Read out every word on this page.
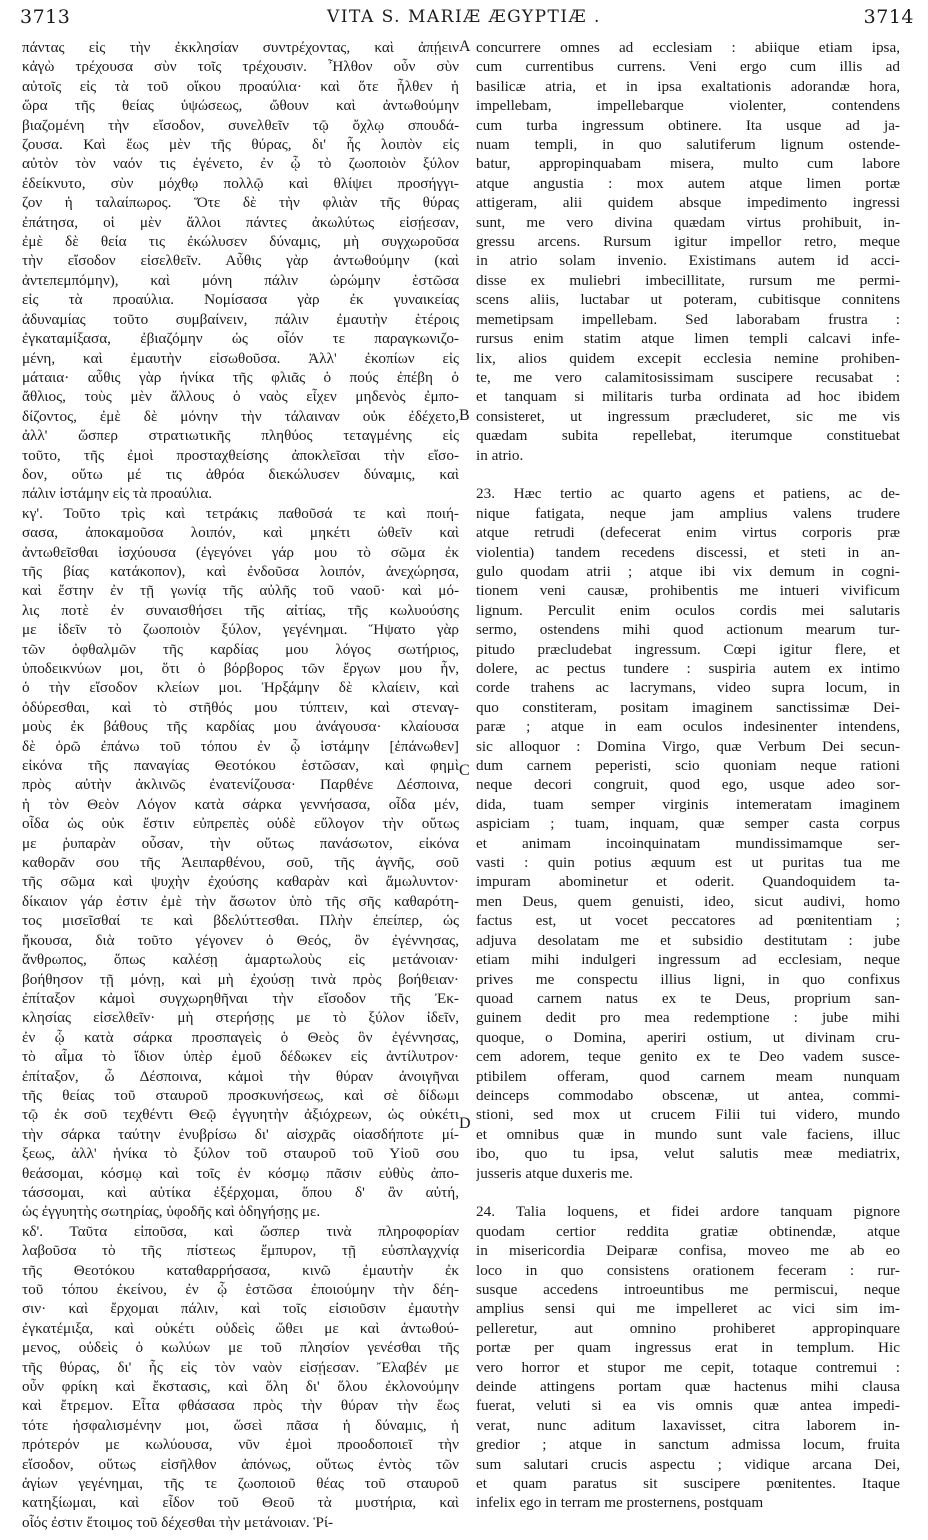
3713	VITA S. MARIÆ ÆGYPTIÆ .	3714
πάντας εἰς τὴν ἐκκλησίαν συντρέχοντας, καὶ ἀπῄειν
κἀγὼ τρέχουσα σὺν τοῖς τρέχουσιν. Ἦλθον οὖν σὺν
αὐτοῖς εἰς τὰ τοῦ οἴκου προαύλια· καὶ ὅτε ἦλθεν ἡ
ὥρα τῆς θείας ὑψώσεως, ὤθουν καὶ ἀντωθούμην
βιαζομένη τὴν εἴσοδον, συνελθεῖν τῷ ὄχλῳ σπουδά-
ζουσα. Καὶ ἕως μὲν τῆς θύρας, δι' ἧς λοιπὸν εἰς
αὐτὸν τὸν ναόν τις ἐγένετο, ἐν ᾧ τὸ ζωοποιὸν ξύλον
ἐδείκνυτο, σὺν μόχθῳ πολλῷ καὶ θλίψει προσήγγι-
ζον ἡ ταλαίπωρος. Ὅτε δὲ τὴν φλιὰν τῆς θύρας
ἐπάτησα, οἱ μὲν ἄλλοι πάντες ἀκωλύτως εἰσῄεσαν,
ἐμὲ δὲ θεία τις ἐκώλυσεν δύναμις, μὴ συγχωροῦσα
τὴν εἴσοδον εἰσελθεῖν. Αὖθις γὰρ ἀντωθούμην (καὶ
ἀντεπεμπόμην), καὶ μόνη πάλιν ὡρώμην ἑστῶσα
εἰς τὰ προαύλια. Νομίσασα γὰρ ἐκ γυναικείας
ἀδυναμίας τοῦτο συμβαίνειν, πάλιν ἐμαυτὴν ἑτέροις
ἐγκαταμίξασα, ἐβιαζόμην ὡς οἷόν τε παραγκωνιζο-
μένη, καὶ ἐμαυτὴν εἰσωθοῦσα. Ἀλλ' ἐκοπίων εἰς
μάταια· αὖθις γὰρ ἡνίκα τῆς φλιᾶς ὁ πούς ἐπέβη ὁ
ἄθλιος, τοὺς μὲν ἄλλους ὁ ναὸς εἶχεν μηδενὸς ἐμπο-
δίζοντος, ἐμὲ δὲ μόνην τὴν τάλαιναν οὐκ ἐδέχετο,
ἀλλ' ὥσπερ στρατιωτικῆς πληθύος τεταγμένης εἰς
τοῦτο, τῆς ἐμοὶ προσταχθείσης ἀποκλεῖσαι τὴν εἴσο-
δον, οὕτω μέ τις ἀθρόα διεκώλυσεν δύναμις, καὶ
πάλιν ἱστάμην εἰς τὰ προαύλια.
κγ'. Τοῦτο τρὶς καὶ τετράκις παθοῦσά τε καὶ ποιή-
σασα, ἀποκαμοῦσα λοιπόν, καὶ μηκέτι ὠθεῖν καὶ
ἀντωθεῖσθαι ἰσχύουσα (ἐγεγόνει γάρ μου τὸ σῶμα ἐκ
τῆς βίας κατάκοπον), καὶ ἐνδοῦσα λοιπόν, ἀνεχώρησα,
καὶ ἔστην ἐν τῇ γωνίᾳ τῆς αὐλῆς τοῦ ναοῦ· καὶ μό-
λις ποτὲ ἐν συναισθήσει τῆς αἰτίας, τῆς κωλυούσης
με ἰδεῖν τὸ ζωοποιὸν ξύλον, γεγένημαι. Ἥψατο γὰρ
τῶν ὀφθαλμῶν τῆς καρδίας μου λόγος σωτήριος,
ὑποδεικνύων μοι, ὅτι ὁ βόρβορος τῶν ἔργων μου ἦν,
ὁ τὴν εἴσοδον κλείων μοι. Ἠρξάμην δὲ κλαίειν, καὶ
ὀδύρεσθαι, καὶ τὸ στῆθός μου τύπτειν, καὶ στεναγ-
μοὺς ἐκ βάθους τῆς καρδίας μου ἀνάγουσα· κλαίουσα
δὲ ὁρῶ ἐπάνω τοῦ τόπου ἐν ᾧ ἱστάμην [ἐπάνωθεν]
εἰκόνα τῆς παναγίας Θεοτόκου ἑστῶσαν, καὶ φημὶ
πρὸς αὐτὴν ἀκλινῶς ἐνατενίζουσα· Παρθένε Δέσποινα,
ἡ τὸν Θεὸν Λόγον κατὰ σάρκα γεννήσασα, οἶδα μέν,
οἶδα ὡς οὐκ ἔστιν εὐπρεπὲς οὐδὲ εὔλογον τὴν οὕτως
με ῥυπαρὰν οὖσαν, τὴν οὕτως πανάσωτον, εἰκόνα
καθορᾶν σου τῆς Ἀειπαρθένου, σοῦ, τῆς ἁγνῆς, σοῦ
τῆς σῶμα καὶ ψυχὴν ἐχούσης καθαρὰν καὶ ἄμωλυντον·
δίκαιον γάρ ἐστιν ἐμὲ τὴν ἄσωτον ὑπὸ τῆς σῆς καθαρότη-
τος μισεῖσθαί τε καὶ βδελύττεσθαι. Πλὴν ἐπείπερ, ὡς
ἤκουσα, διὰ τοῦτο γέγονεν ὁ Θεός, ὃν ἐγέννησας,
ἄνθρωπος, ὅπως καλέσῃ ἁμαρτωλοὺς εἰς μετάνοιαν·
βοήθησον τῇ μόνῃ, καὶ μὴ ἐχούσῃ τινὰ πρὸς βοήθειαν·
ἐπίταξον κἀμοὶ συγχωρηθῆναι τὴν εἴσοδον τῆς Ἐκ-
κλησίας εἰσελθεῖν· μὴ στερήσῃς με τὸ ξύλον ἰδεῖν,
ἐν ᾧ κατὰ σάρκα προσπαγεὶς ὁ Θεὸς ὃν ἐγέννησας,
τὸ αἷμα τὸ ἴδιον ὑπὲρ ἐμοῦ δέδωκεν εἰς ἀντίλυτρον·
ἐπίταξον, ὦ Δέσποινα, κἀμοὶ τὴν θύραν ἀνοιγῆναι
τῆς θείας τοῦ σταυροῦ προσκυνήσεως, καὶ σὲ δίδωμι
τῷ ἐκ σοῦ τεχθέντι Θεῷ ἐγγυητὴν ἀξιόχρεων, ὡς οὐκέτι
τὴν σάρκα ταύτην ἐνυβρίσω δι' αἰσχρᾶς οἱασδήποτε μί-
ξεως, ἀλλ' ἡνίκα τὸ ξύλον τοῦ σταυροῦ τοῦ Υἱοῦ σου
θεάσομαι, κόσμῳ καὶ τοῖς ἐν κόσμῳ πᾶσιν εὐθὺς ἀπο-
τάσσομαι, καὶ αὐτίκα ἐξέρχομαι, ὅπου δ' ἂν αὐτή,
ὡς ἐγγυητὴς σωτηρίας, ὑφοδῆς καὶ ὁδηγήσῃς με.
κδ'. Ταῦτα εἰποῦσα, καὶ ὥσπερ τινὰ πληροφορίαν
λαβοῦσα τὸ τῆς πίστεως ἔμπυρον, τῇ εὐσπλαγχνίᾳ
τῆς Θεοτόκου καταθαρρήσασα, κινῶ ἐμαυτὴν ἐκ
τοῦ τόπου ἐκείνου, ἐν ᾧ ἑστῶσα ἐποιούμην τὴν δέη-
σιν· καὶ ἔρχομαι πάλιν, καὶ τοῖς εἰσιοῦσιν ἐμαυτὴν
ἐγκατέμιξα, καὶ οὐκέτι οὐδεὶς ὤθει με καὶ ἀντωθού-
μενος, οὐδεὶς ὁ κωλύων με τοῦ πλησίον γενέσθαι τῆς
τῆς θύρας, δι' ἧς εἰς τὸν ναὸν εἰσῄεσαν. Ἔλαβέν με
οὖν φρίκη καὶ ἔκστασις, καὶ ὅλη δι' ὅλου ἐκλονούμην
καὶ ἔτρεμον. Εἶτα φθάσασα πρὸς τὴν θύραν τὴν ἕως
τότε ἠσφαλισμένην μοι, ὥσεὶ πᾶσα ἡ δύναμις, ἡ
πρότερόν με κωλύουσα, νῦν ἐμοὶ προοδοποιεῖ τὴν
εἴσοδον, οὕτως εἰσῆλθον ἀπόνως, οὕτως ἐντὸς τῶν
ἁγίων γεγένημαι, τῆς τε ζωοποιοῦ θέας τοῦ σταυροῦ
κατηξίωμαι, καὶ εἶδον τοῦ Θεοῦ τὰ μυστήρια, καὶ
οἷός ἐστιν ἕτοιμος τοῦ δέχεσθαι τὴν μετάνοιαν. Ῥί-
concurrere omnes ad ecclesiam : abiique etiam ipsa,
cum currentibus currens. Veni ergo cum illis ad
basilicæ atria, et in ipsa exaltationis adorandæ hora,
impellebam, impellebarque violenter, contendens
cum turba ingressum obtinere. Ita usque ad ja-
nuam templi, in quo salutiferum lignum ostende-
batur, appropinquabam misera, multo cum labore
atque angustia : mox autem atque limen portæ
attigeram, alii quidem absque impedimento ingressi
sunt, me vero divina quædam virtus prohibuit, in-
gressu arcens. Rursum igitur impellor retro, meque
in atrio solam invenio. Existimans autem id acci-
disse ex muliebri imbecillitate, rursum me permi-
scens aliis, luctabar ut poteram, cubitisque connitens
memetipsam impellebam. Sed laborabam frustra :
rursus enim statim atque limen templi calcavi infe-
lix, alios quidem excepit ecclesia nemine prohiben-
te, me vero calamitosissimam suscipere recusabat :
et tanquam si militaris turba ordinata ad hoc ibidem
consisteret, ut ingressum præcluderet, sic me vis
quædam subita repellebat, iterumque constituebat
in atrio.
23. Hæc tertio ac quarto agens et patiens, ac de-
nique fatigata, neque jam amplius valens trudere
atque retrudi (defecerat enim virtus corporis præ
violentia) tandem recedens discessi, et steti in an-
gulo quodam atrii ; atque ibi vix demum in cogni-
tionem veni causæ, prohibentis me intueri vivificum
lignum. Perculit enim oculos cordis mei salutaris
sermo, ostendens mihi quod actionum mearum tur-
pitudo præcludebat ingressum. Cœpi igitur flere, et
dolere, ac pectus tundere : suspiria autem ex intimo
corde trahens ac lacrymans, video supra locum, in
quo constiteram, positam imaginem sanctissimæ Dei-
paræ ; atque in eam oculos indesinenter intendens,
sic alloquor : Domina Virgo, quæ Verbum Dei secun-
dum carnem peperisti, scio quoniam neque rationi
neque decori congruit, quod ego, usque adeo sor-
dida, tuam semper virginis intemeratam imaginem
aspiciam ; tuam, inquam, quæ semper casta corpus
et animam incoinquinatam mundissimamque ser-
vasti : quin potius æquum est ut puritas tua me
impuram abominetur et oderit. Quandoquidem ta-
men Deus, quem genuisti, ideo, sicut audivi, homo
factus est, ut vocet peccatores ad pœnitentiam ;
adjuva desolatam me et subsidio destitutam : jube
etiam mihi indulgeri ingressum ad ecclesiam, neque
prives me conspectu illius ligni, in quo confixus
quoad carnem natus ex te Deus, proprium san-
guinem dedit pro mea redemptione : jube mihi
quoque, o Domina, aperiri ostium, ut divinam cru-
cem adorem, teque genito ex te Deo vadem susce-
ptibilem offeram, quod carnem meam nunquam
deinceps commodabo obscenæ, ut antea, commi-
stioni, sed mox ut crucem Filii tui videro, mundo
et omnibus quæ in mundo sunt vale faciens, illuc
ibo, quo tu ipsa, velut salutis meæ mediatrix,
jusseris atque duxeris me.
24. Talia loquens, et fidei ardore tanquam pignore
quodam certior reddita gratiæ obtinendæ, atque
in misericordia Deiparæ confisa, moveo me ab eo
loco in quo consistens orationem feceram : rur-
susque accedens introeuntibus me permiscui, neque
amplius sensi qui me impelleret ac vici sim im-
pelleretur, aut omnino prohiberet appropinquare
portæ per quam ingressus erat in templum. Hic
vero horror et stupor me cepit, totaque contremui :
deinde attingens portam quæ hactenus mihi clausa
fuerat, veluti si ea vis omnis quæ antea impedi-
verat, nunc aditum laxavisset, citra laborem in-
gredior ; atque in sanctum admissa locum, fruita
sum salutari crucis aspectu ; vidique arcana Dei,
et quam paratus sit suscipere pœnitentes. Itaque
infelix ego in terram me prosternens, postquam
A
B
C
D
